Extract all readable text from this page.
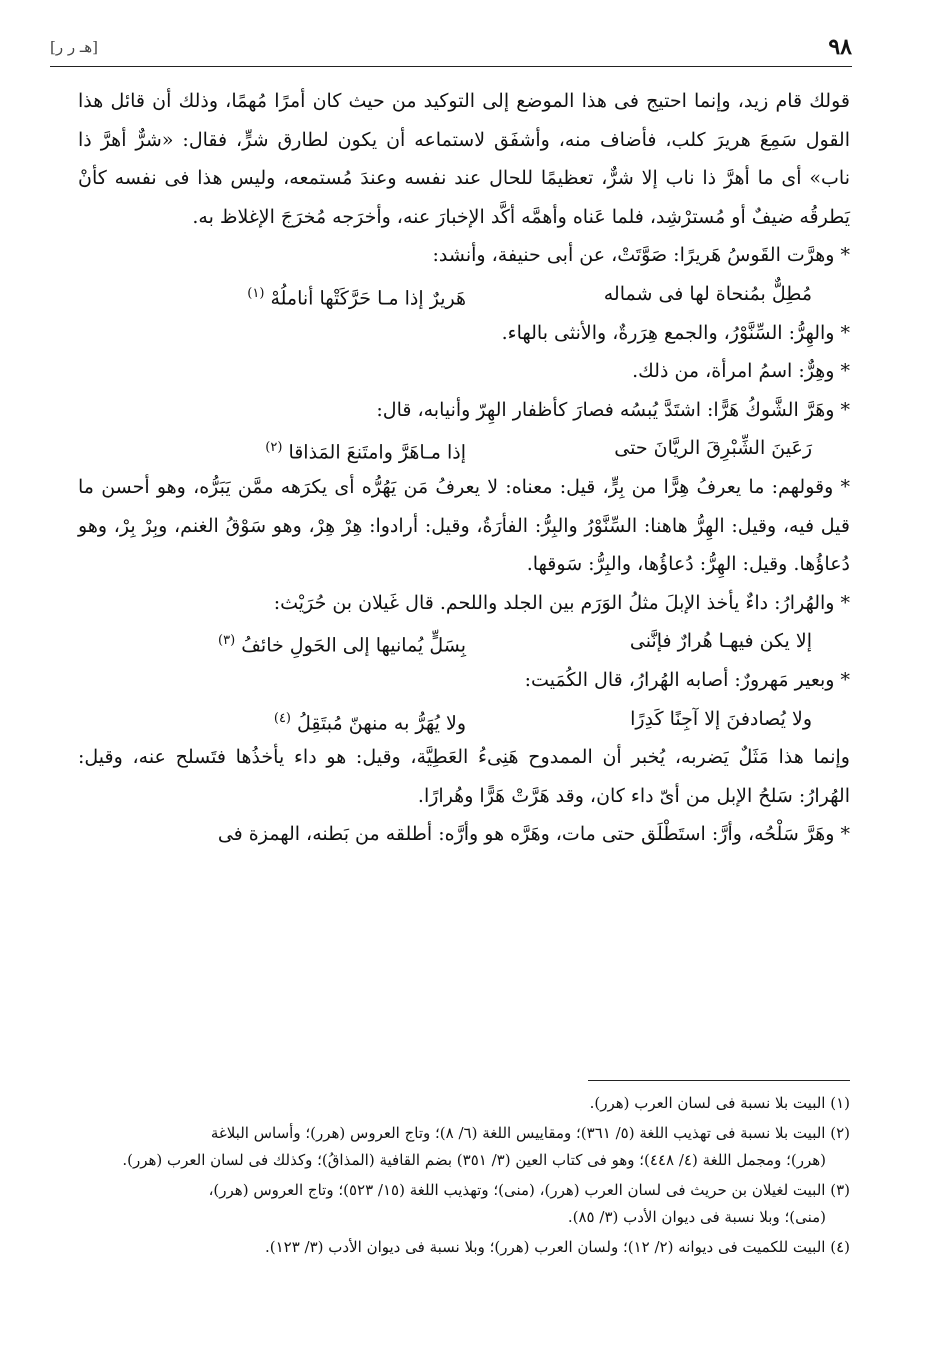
٩٨
[هـ ر ر]

قولك قام زيد، وإنما احتيج فى هذا الموضع إلى التوكيد من حيث كان أمرًا مُهمًا، وذلك أن قائل هذا القول سَمِعَ هريرَ كلب، فأضاف منه، وأشفَق لاستماعه أن يكون لطارق شرٍّ، فقال: «شرٌّ أهرَّ ذا ناب» أى ما أهرَّ ذا ناب إلا شرٌّ، تعظيمًا للحال عند نفسه وعندَ مُستمعه، وليس هذا فى نفسه كأنْ يَطرقُه ضيفٌ أو مُسترْشِد، فلما عَناه وأهمَّه أكَّد الإخبارَ عنه، وأخرَجه مُخرَجَ الإغلاظ به.

* وهرَّت القَوسُ هَريرًا: صَوَّتَتْ، عن أبى حنيفة، وأنشد:

مُطِلٌّ بمُنحاة لها فى شماله
هَريرٌ إذا مـا حَرَّكَتْها أناملُهْ $^{(١)}$

* والهِرُّ: السِّنَّوْرُ، والجمع هِرَرةٌ، والأنثى بالهاء.

* وهِرٌّ: اسمُ امرأة، من ذلك.

* وهَرَّ الشَّوكُ هَرًّا: اشتَدَّ يُبسُه فصارَ كأظفار الهِرّ وأنيابه، قال:

رَعَينَ الشِّبْرِقَ الريَّانَ حتى
إذا مـاهَرَّ وامتَنعَ المَذاقا $^{(٢)}$

* وقولهم: ما يعرفُ هِرًّا من بِرٍّ، قيل: معناه: لا يعرفُ مَن يَهُرُّه أى يكرَهه ممَّن يَبَرُّه، وهو أحسن ما قيل فيه، وقيل: الهِرُّ هاهنا: السِّنَّوْرُ والبِرُّ: الفأرَةُ، وقيل: أرادوا: هِرْ هِرْ، وهو سَوْقُ الغنم، وبِرْ بِرْ، وهو دُعاؤُها. وقيل: الهِرُّ: دُعاؤُها، والبِرُّ: سَوقها.

* والهُرارُ: داءٌ يأخذ الإبلَ مثلُ الوَرَم بين الجلد واللحم. قال غَيلان بن حُرَيْث:

إلا يكن فيهـا هُرارٌ فإنَّنى
بِسَلٍّ يُمانيها إلى الحَولِ خائفُ $^{(٣)}$

* وبعير مَهرورٌ: أصابه الهُرارُ، قال الكُمَيت:

ولا يُصادفنَ إلا آجِنًا كَدِرًا
ولا يُهَرُّ به منهنّ مُبتَقِلُ $^{(٤)}$

وإنما هذا مَثَلٌ يَضربه، يُخبر أن الممدوح هَنِىءُ العَطِيَّة، وقيل: هو داء يأخذُها فتَسلح عنه، وقيل: الهُرارُ: سَلحُ الإبل من أىّ داء كان، وقد هَرَّتْ هَرًّا وهُرارًا.

* وهَرَّ سَلْحُه، وأرَّ: استَطْلَق حتى مات، وهَرَّه هو وأرَّه: أطلقه من بَطنه، الهمزة فى

(١) البيت بلا نسبة فى لسان العرب (هرر).

(٢) البيت بلا نسبة فى تهذيب اللغة (٥/ ٣٦١)؛ ومقاييس اللغة (٦/ ٨)؛ وتاج العروس (هرر)؛ وأساس البلاغة
(هرر)؛ ومجمل اللغة (٤/ ٤٤٨)؛ وهو فى كتاب العين (٣/ ٣٥١) بضم القافية (المذاقُ)؛ وكذلك فى لسان العرب (هرر).

(٣) البيت لغيلان بن حريث فى لسان العرب (هرر)، (منى)؛ وتهذيب اللغة (١٥/ ٥٢٣)؛ وتاج العروس (هرر)،
(منى)؛ وبلا نسبة فى ديوان الأدب (٣/ ٨٥).

(٤) البيت للكميت فى ديوانه (٢/ ١٢)؛ ولسان العرب (هرر)؛ وبلا نسبة فى ديوان الأدب (٣/ ١٢٣).
